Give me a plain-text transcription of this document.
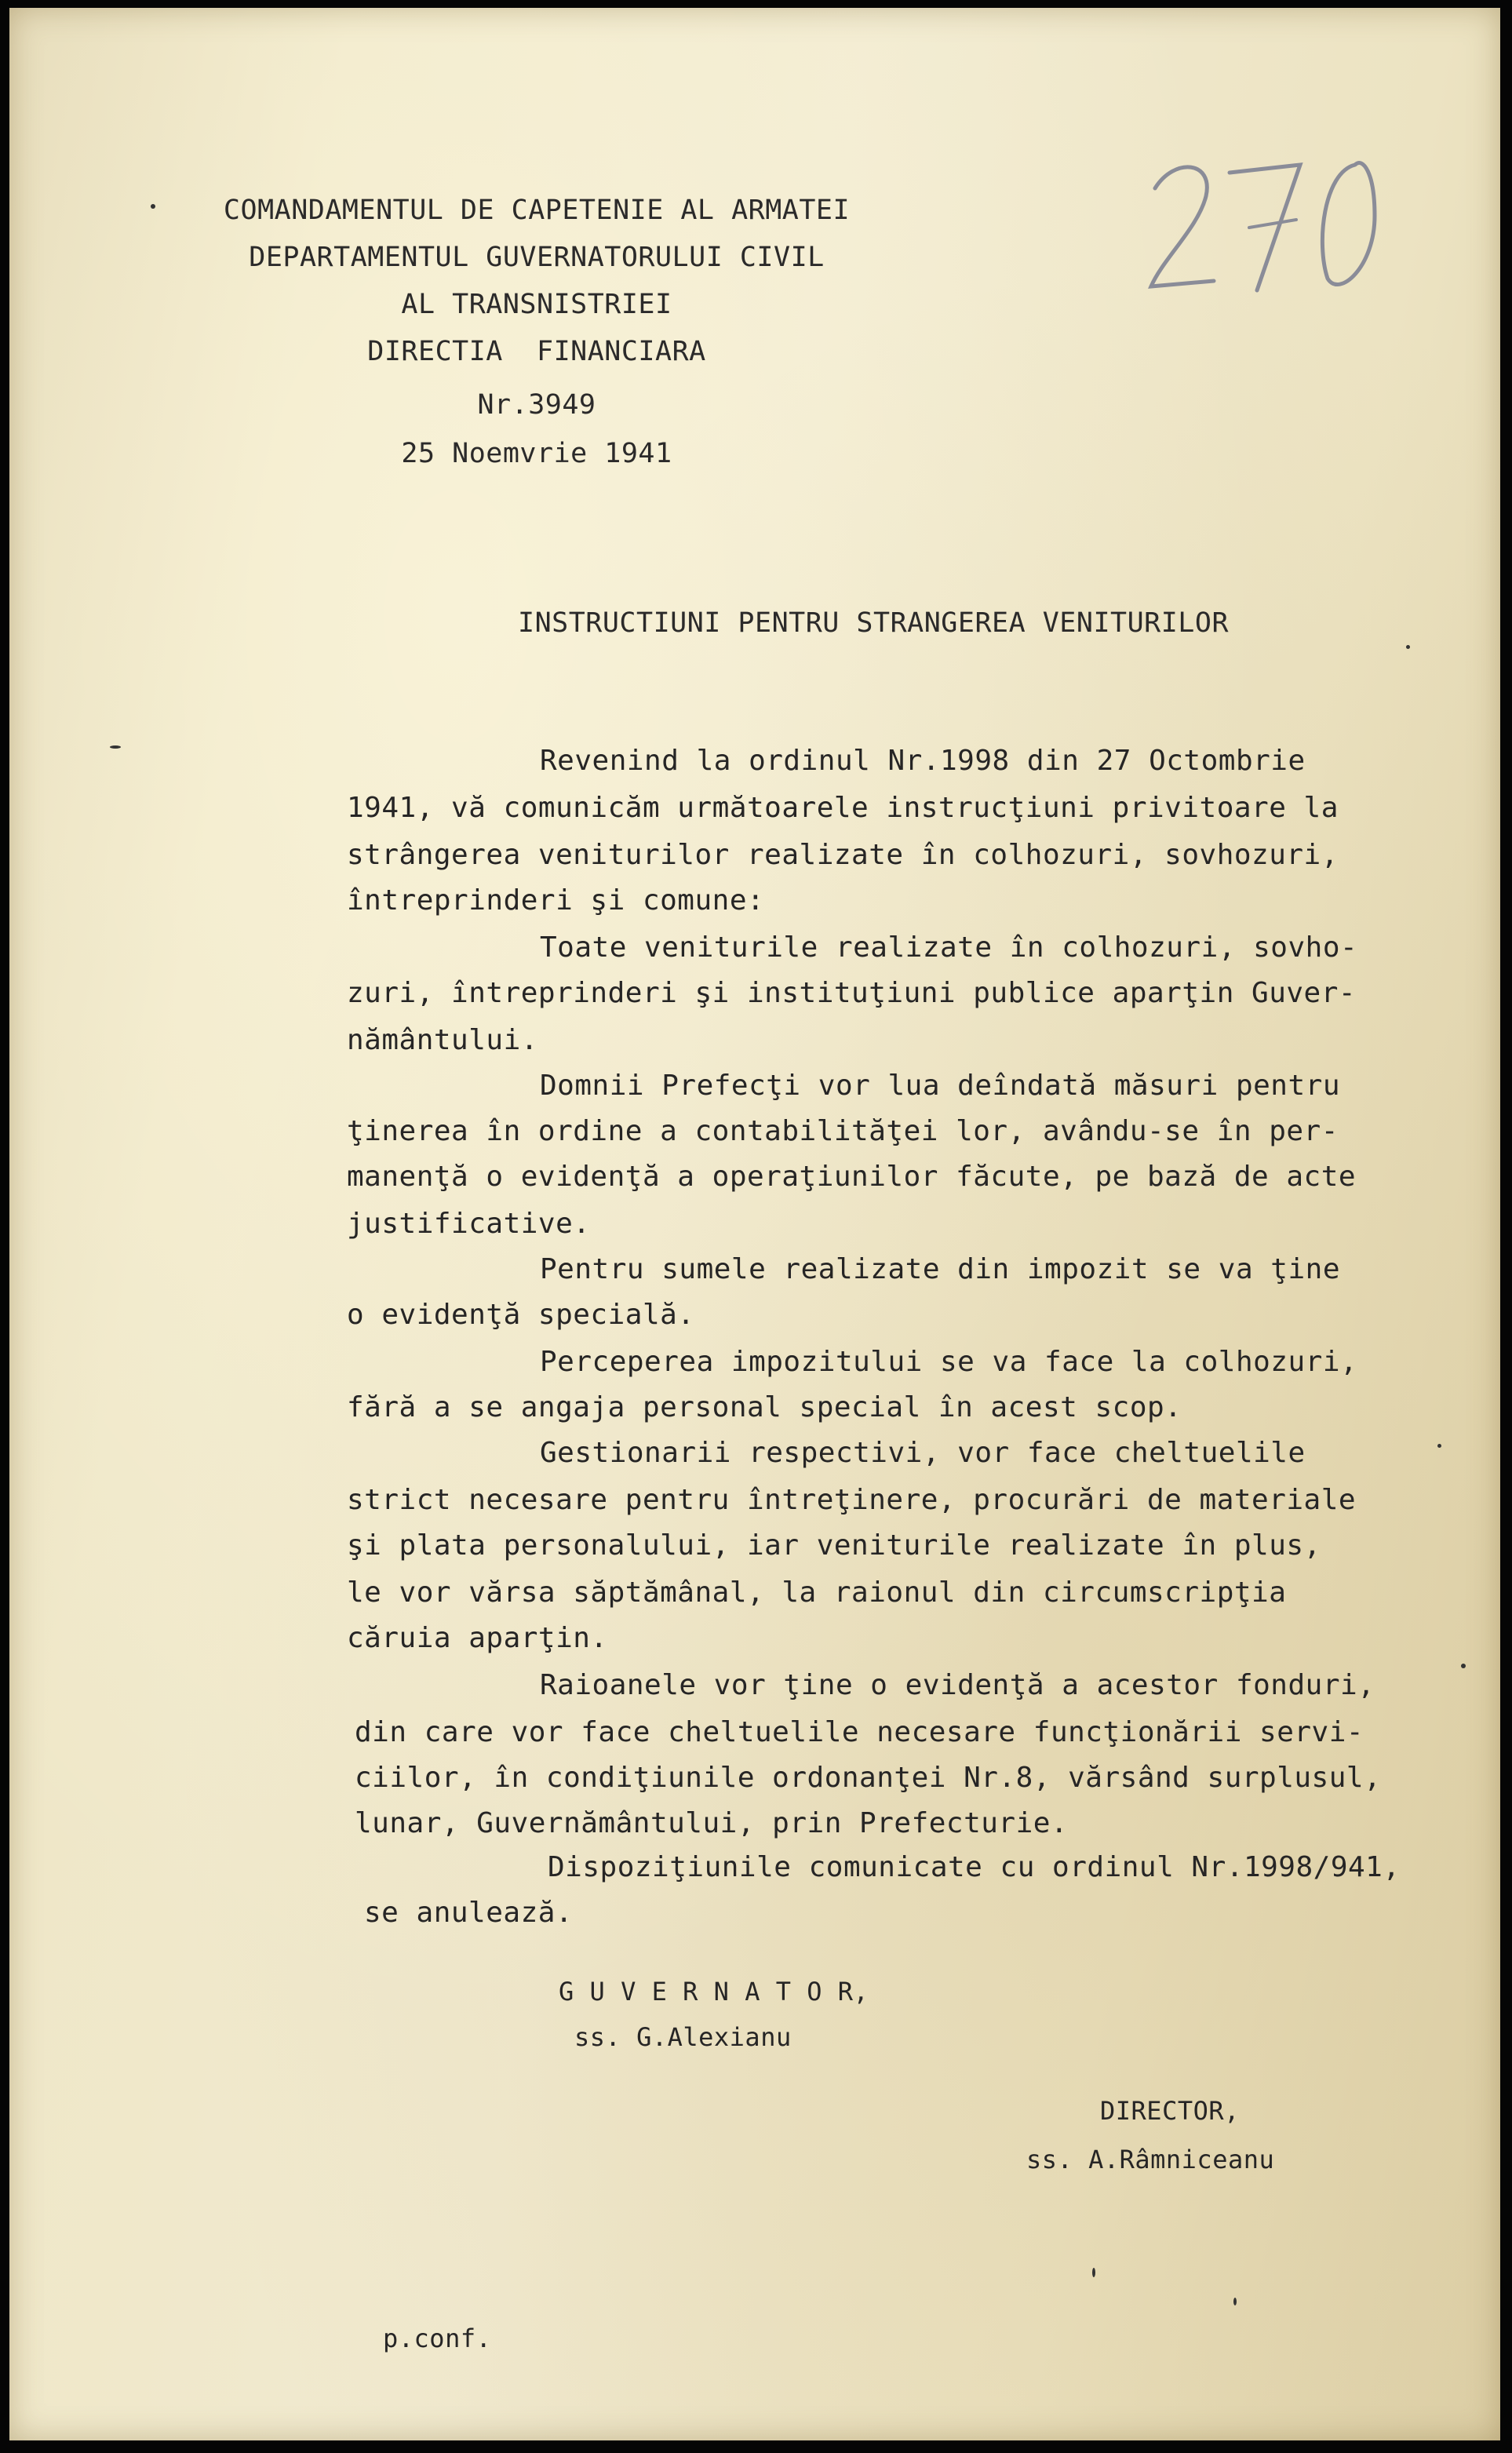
COMANDAMENTUL DE CAPETENIE AL ARMATEI

DEPARTAMENTUL GUVERNATORULUI CIVIL

AL TRANSNISTRIEI

DIRECTIA  FINANCIARA

Nr.3949

25 Noemvrie 1941

INSTRUCTIUNI PENTRU STRANGEREA VENITURILOR

Revenind la ordinul Nr.1998 din 27 Octombrie

1941, vă comunicăm următoarele instrucţiuni privitoare la

strângerea veniturilor realizate în colhozuri, sovhozuri,

întreprinderi şi comune:

Toate veniturile realizate în colhozuri, sovho-

zuri, întreprinderi şi instituţiuni publice aparţin Guver-

nământului.

Domnii Prefecţi vor lua deîndată măsuri pentru

ţinerea în ordine a contabilităţei lor, avându-se în per-

manenţă o evidenţă a operaţiunilor făcute, pe bază de acte

justificative.

Pentru sumele realizate din impozit se va ţine

o evidenţă specială.

Perceperea impozitului se va face la colhozuri,

fără a se angaja personal special în acest scop.

Gestionarii respectivi, vor face cheltuelile

strict necesare pentru întreţinere, procurări de materiale

şi plata personalului, iar veniturile realizate în plus,

le vor vărsa săptămânal, la raionul din circumscripţia

căruia aparţin.

Raioanele vor ţine o evidenţă a acestor fonduri,

din care vor face cheltuelile necesare funcţionării servi-

ciilor, în condiţiunile ordonanţei Nr.8, vărsând surplusul,

lunar, Guvernământului, prin Prefecturie.

Dispoziţiunile comunicate cu ordinul Nr.1998/941,

se anulează.

G U V E R N A T O R,

ss. G.Alexianu

DIRECTOR,

ss. A.Râmniceanu

p.conf.
